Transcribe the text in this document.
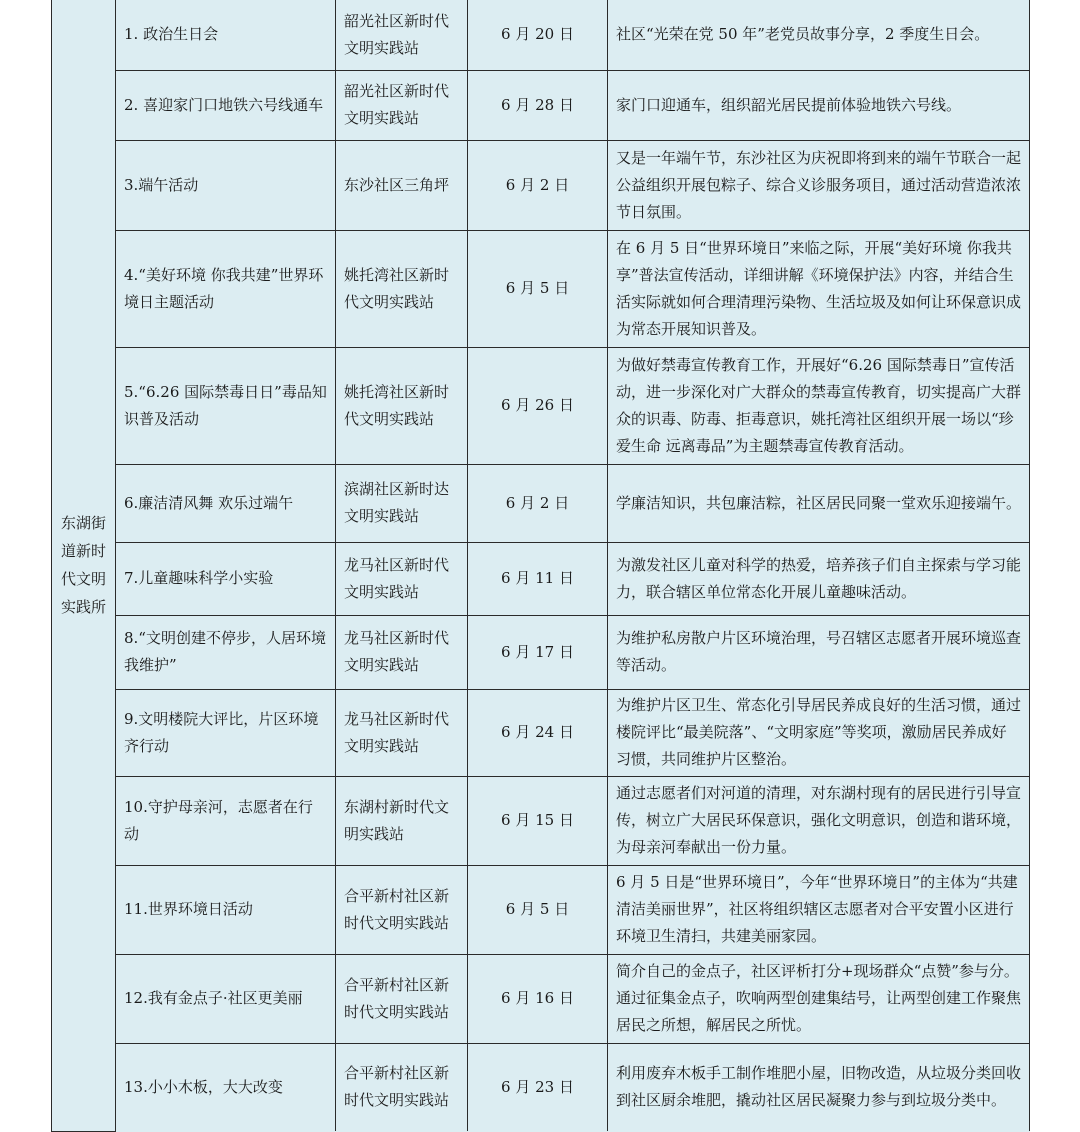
东湖街道新时代文明实践所	1. 政治生日会	韶光社区新时代文明实践站	6 月 20 日	社区“光荣在党 50 年”老党员故事分享，2 季度生日会。
	2. 喜迎家门口地铁六号线通车	韶光社区新时代文明实践站	6 月 28 日	家门口迎通车，组织韶光居民提前体验地铁六号线。
	3.端午活动	东沙社区三角坪	6 月 2 日	又是一年端午节，东沙社区为庆祝即将到来的端午节联合一起公益组织开展包粽子、综合义诊服务项目，通过活动营造浓浓节日氛围。
	4.“美好环境 你我共建”世界环境日主题活动	姚托湾社区新时代文明实践站	6 月 5 日	在 6 月 5 日“世界环境日”来临之际，开展“美好环境 你我共享”普法宣传活动，详细讲解《环境保护法》内容，并结合生活实际就如何合理清理污染物、生活垃圾及如何让环保意识成为常态开展知识普及。
	5.“6.26 国际禁毒日日”毒品知识普及活动	姚托湾社区新时代文明实践站	6 月 26 日	为做好禁毒宣传教育工作，开展好“6.26 国际禁毒日”宣传活动，进一步深化对广大群众的禁毒宣传教育，切实提高广大群众的识毒、防毒、拒毒意识，姚托湾社区组织开展一场以“珍爱生命 远离毒品”为主题禁毒宣传教育活动。
	6.廉洁清风舞 欢乐过端午	滨湖社区新时达文明实践站	6 月 2 日	学廉洁知识，共包廉洁粽，社区居民同聚一堂欢乐迎接端午。
	7.儿童趣味科学小实验	龙马社区新时代文明实践站	6 月 11 日	为激发社区儿童对科学的热爱，培养孩子们自主探索与学习能力，联合辖区单位常态化开展儿童趣味活动。
	8.“文明创建不停步，人居环境我维护”	龙马社区新时代文明实践站	6 月 17 日	为维护私房散户片区环境治理，号召辖区志愿者开展环境巡查等活动。
	9.文明楼院大评比，片区环境齐行动	龙马社区新时代文明实践站	6 月 24 日	为维护片区卫生、常态化引导居民养成良好的生活习惯，通过楼院评比“最美院落”、“文明家庭”等奖项，激励居民养成好习惯，共同维护片区整治。
	10.守护母亲河，志愿者在行动	东湖村新时代文明实践站	6 月 15 日	通过志愿者们对河道的清理，对东湖村现有的居民进行引导宣传，树立广大居民环保意识，强化文明意识，创造和谐环境，为母亲河奉献出一份力量。
	11.世界环境日活动	合平新村社区新时代文明实践站	6 月 5 日	6 月 5 日是“世界环境日”，今年“世界环境日”的主体为“共建清洁美丽世界”，社区将组织辖区志愿者对合平安置小区进行环境卫生清扫，共建美丽家园。
	12.我有金点子·社区更美丽	合平新村社区新时代文明实践站	6 月 16 日	简介自己的金点子，社区评析打分+现场群众“点赞”参与分。通过征集金点子，吹响两型创建集结号，让两型创建工作聚焦居民之所想，解居民之所忧。
	13.小小木板，大大改变	合平新村社区新时代文明实践站	6 月 23 日	利用废弃木板手工制作堆肥小屋，旧物改造，从垃圾分类回收到社区厨余堆肥，撬动社区居民凝聚力参与到垃圾分类中。
